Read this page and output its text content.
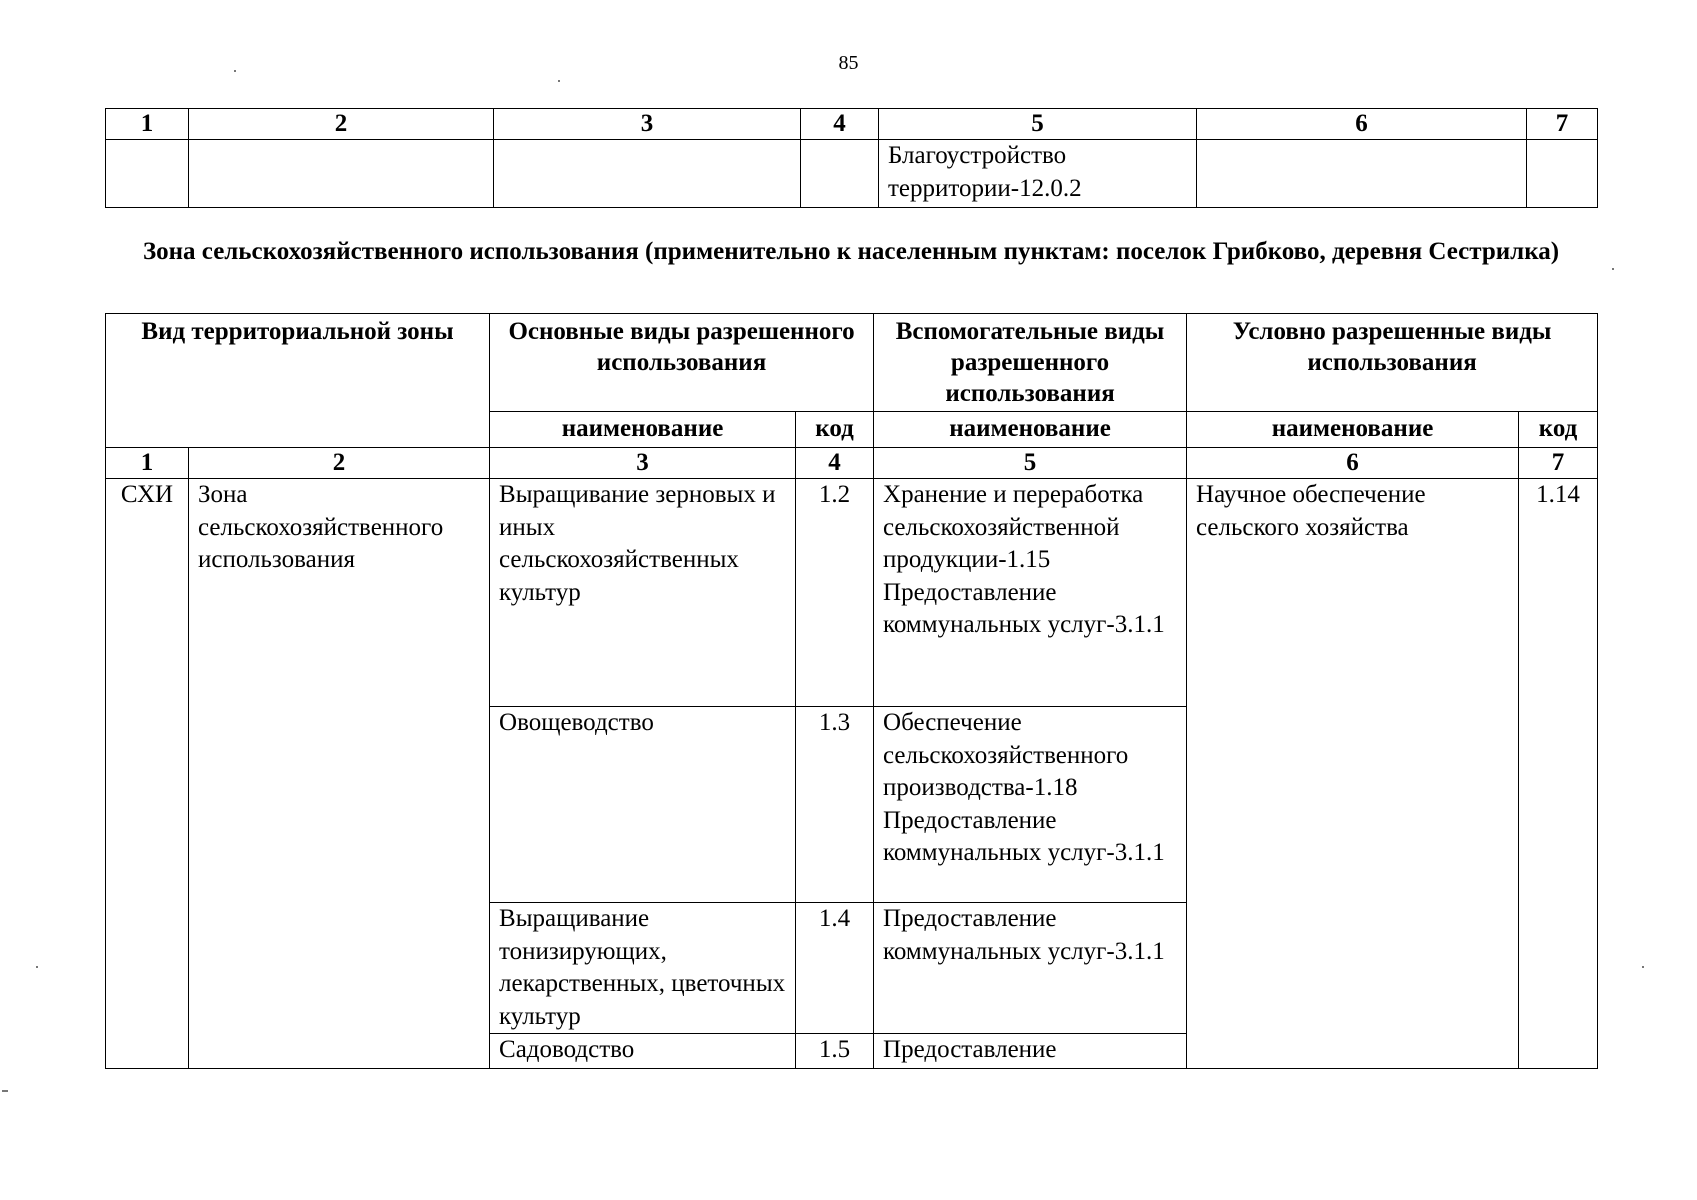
85
1	2	3	4	5	6	7
				Благоустройство территории-12.0.2		
Зона сельскохозяйственного использования (применительно к населенным пунктам: поселок Грибково, деревня Сестрилка)
Вид территориальной зоны		Основные виды разрешенного использования		Вспомогательные виды разрешенного использования	Условно разрешенные виды использования	
		наименование	код	наименование	наименование	код
1	2	3	4	5	6	7
СХИ	Зона сельскохозяйственного использования	Выращивание зерновых и иных сельскохозяйственных культур	1.2	Хранение и переработка сельскохозяйственной продукции-1.15 Предоставление коммунальных услуг-3.1.1	Научное обеспечение сельского хозяйства	1.14
		Овощеводство	1.3	Обеспечение сельскохозяйственного производства-1.18 Предоставление коммунальных услуг-3.1.1		
		Выращивание тонизирующих, лекарственных, цветочных культур	1.4	Предоставление коммунальных услуг-3.1.1		
		Садоводство	1.5	Предоставление		
